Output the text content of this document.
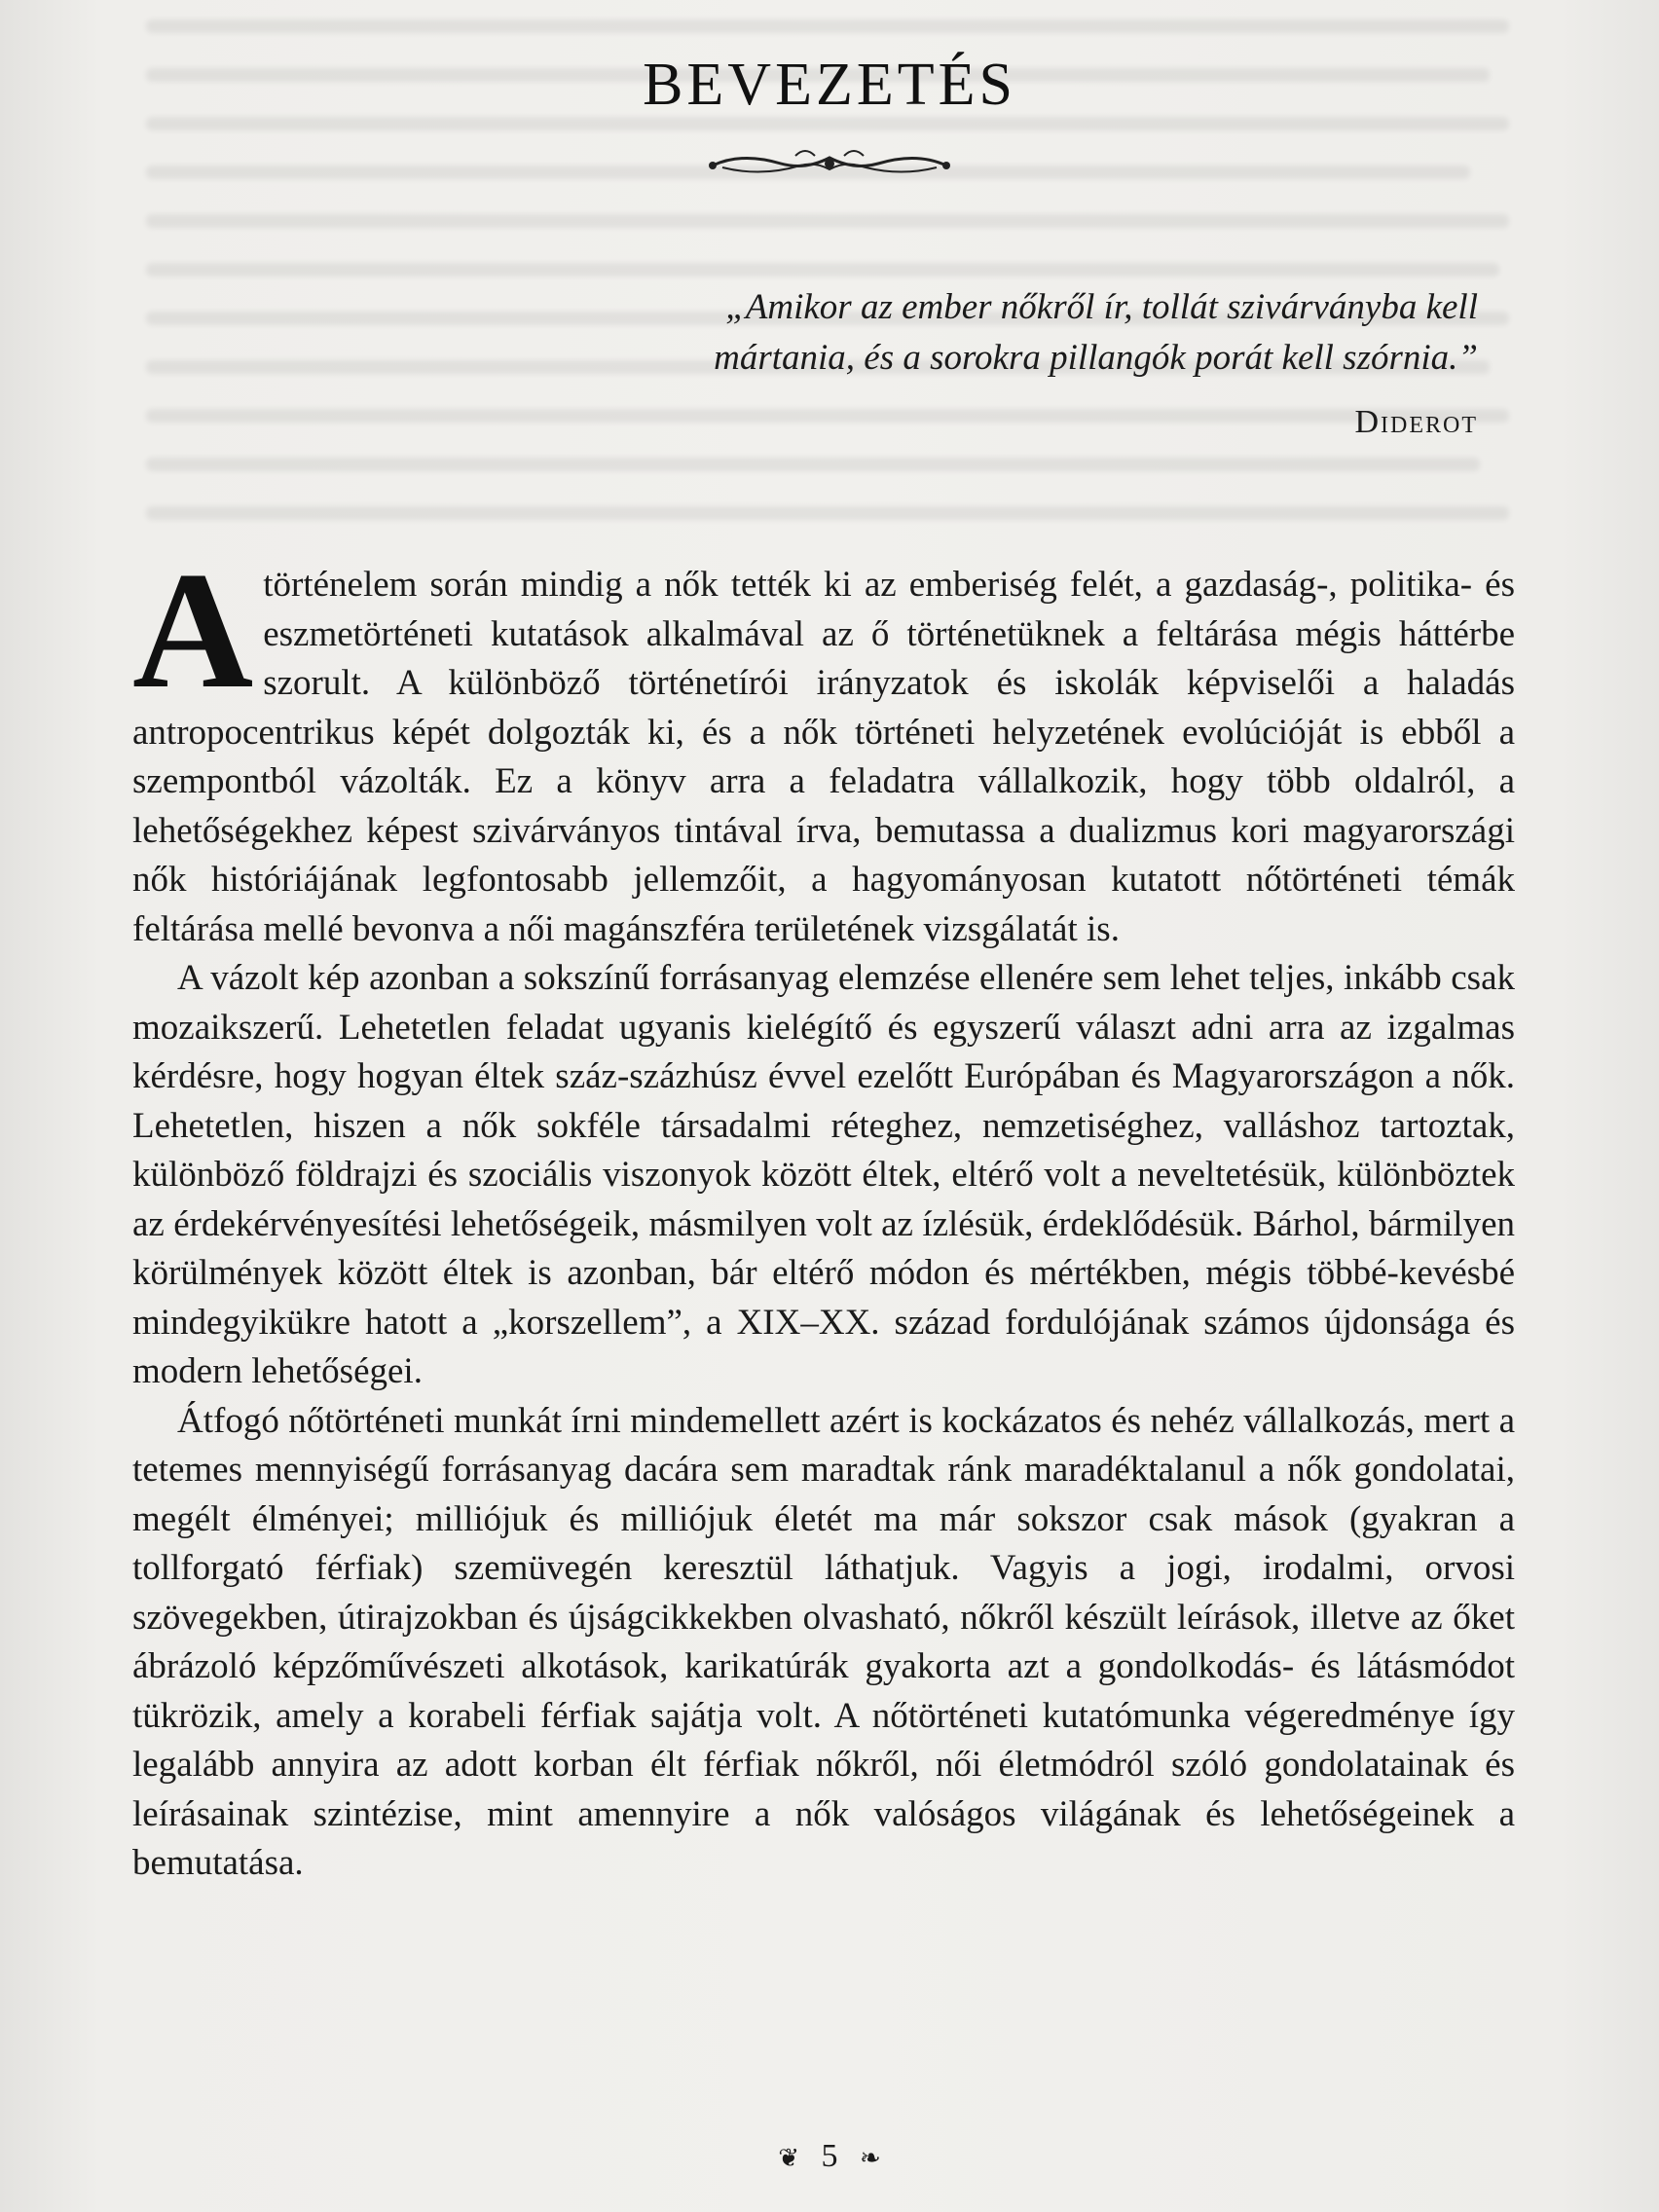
BEVEZETÉS

„Amikor az ember nőkről ír, tollát szivárványba kell

mártania, és a sorokra pillangók porát kell szórnia.”

Diderot

A történelem során mindig a nők tették ki az emberiség felét, a gazdaság-, politika- és eszmetörténeti kutatások alkalmával az ő történetüknek a feltárása mégis háttérbe szorult. A különböző történetírói irányzatok és iskolák képviselői a haladás antropocentrikus képét dolgozták ki, és a nők történeti helyzetének evolúcióját is ebből a szempontból vázolták. Ez a könyv arra a feladatra vállalkozik, hogy több oldalról, a lehetőségekhez képest szivárványos tintával írva, bemutassa a dualizmus kori magyarországi nők históriájának legfontosabb jellemzőit, a hagyományosan kutatott nőtörténeti témák feltárása mellé bevonva a női magánszféra területének vizsgálatát is.

A vázolt kép azonban a sokszínű forrásanyag elemzése ellenére sem lehet teljes, inkább csak mozaikszerű. Lehetetlen feladat ugyanis kielégítő és egyszerű választ adni arra az izgalmas kérdésre, hogy hogyan éltek száz-százhúsz évvel ezelőtt Európában és Magyarországon a nők. Lehetetlen, hiszen a nők sokféle társadalmi réteghez, nemzetiséghez, valláshoz tartoztak, különböző földrajzi és szociális viszonyok között éltek, eltérő volt a neveltetésük, különböztek az érdekérvényesítési lehetőségeik, másmilyen volt az ízlésük, érdeklődésük. Bárhol, bármilyen körülmények között éltek is azonban, bár eltérő módon és mértékben, mégis többé-kevésbé mindegyikükre hatott a „korszellem”, a XIX–XX. század fordulójának számos újdonsága és modern lehetőségei.

Átfogó nőtörténeti munkát írni mindemellett azért is kockázatos és nehéz vállalkozás, mert a tetemes mennyiségű forrásanyag dacára sem maradtak ránk maradéktalanul a nők gondolatai, megélt élményei; milliójuk és milliójuk életét ma már sokszor csak mások (gyakran a tollforgató férfiak) szemüvegén keresztül láthatjuk. Vagyis a jogi, irodalmi, orvosi szövegekben, útirajzokban és újságcikkekben olvasható, nőkről készült leírások, illetve az őket ábrázoló képzőművészeti alkotások, karikatúrák gyakorta azt a gondolkodás- és látásmódot tükrözik, amely a korabeli férfiak sajátja volt. A nőtörténeti kutatómunka végeredménye így legalább annyira az adott korban élt férfiak nőkről, női életmódról szóló gondolatainak és leírásainak szintézise, mint amennyire a nők valóságos világának és lehetőségeinek a bemutatása.

❦ 5 ❧
